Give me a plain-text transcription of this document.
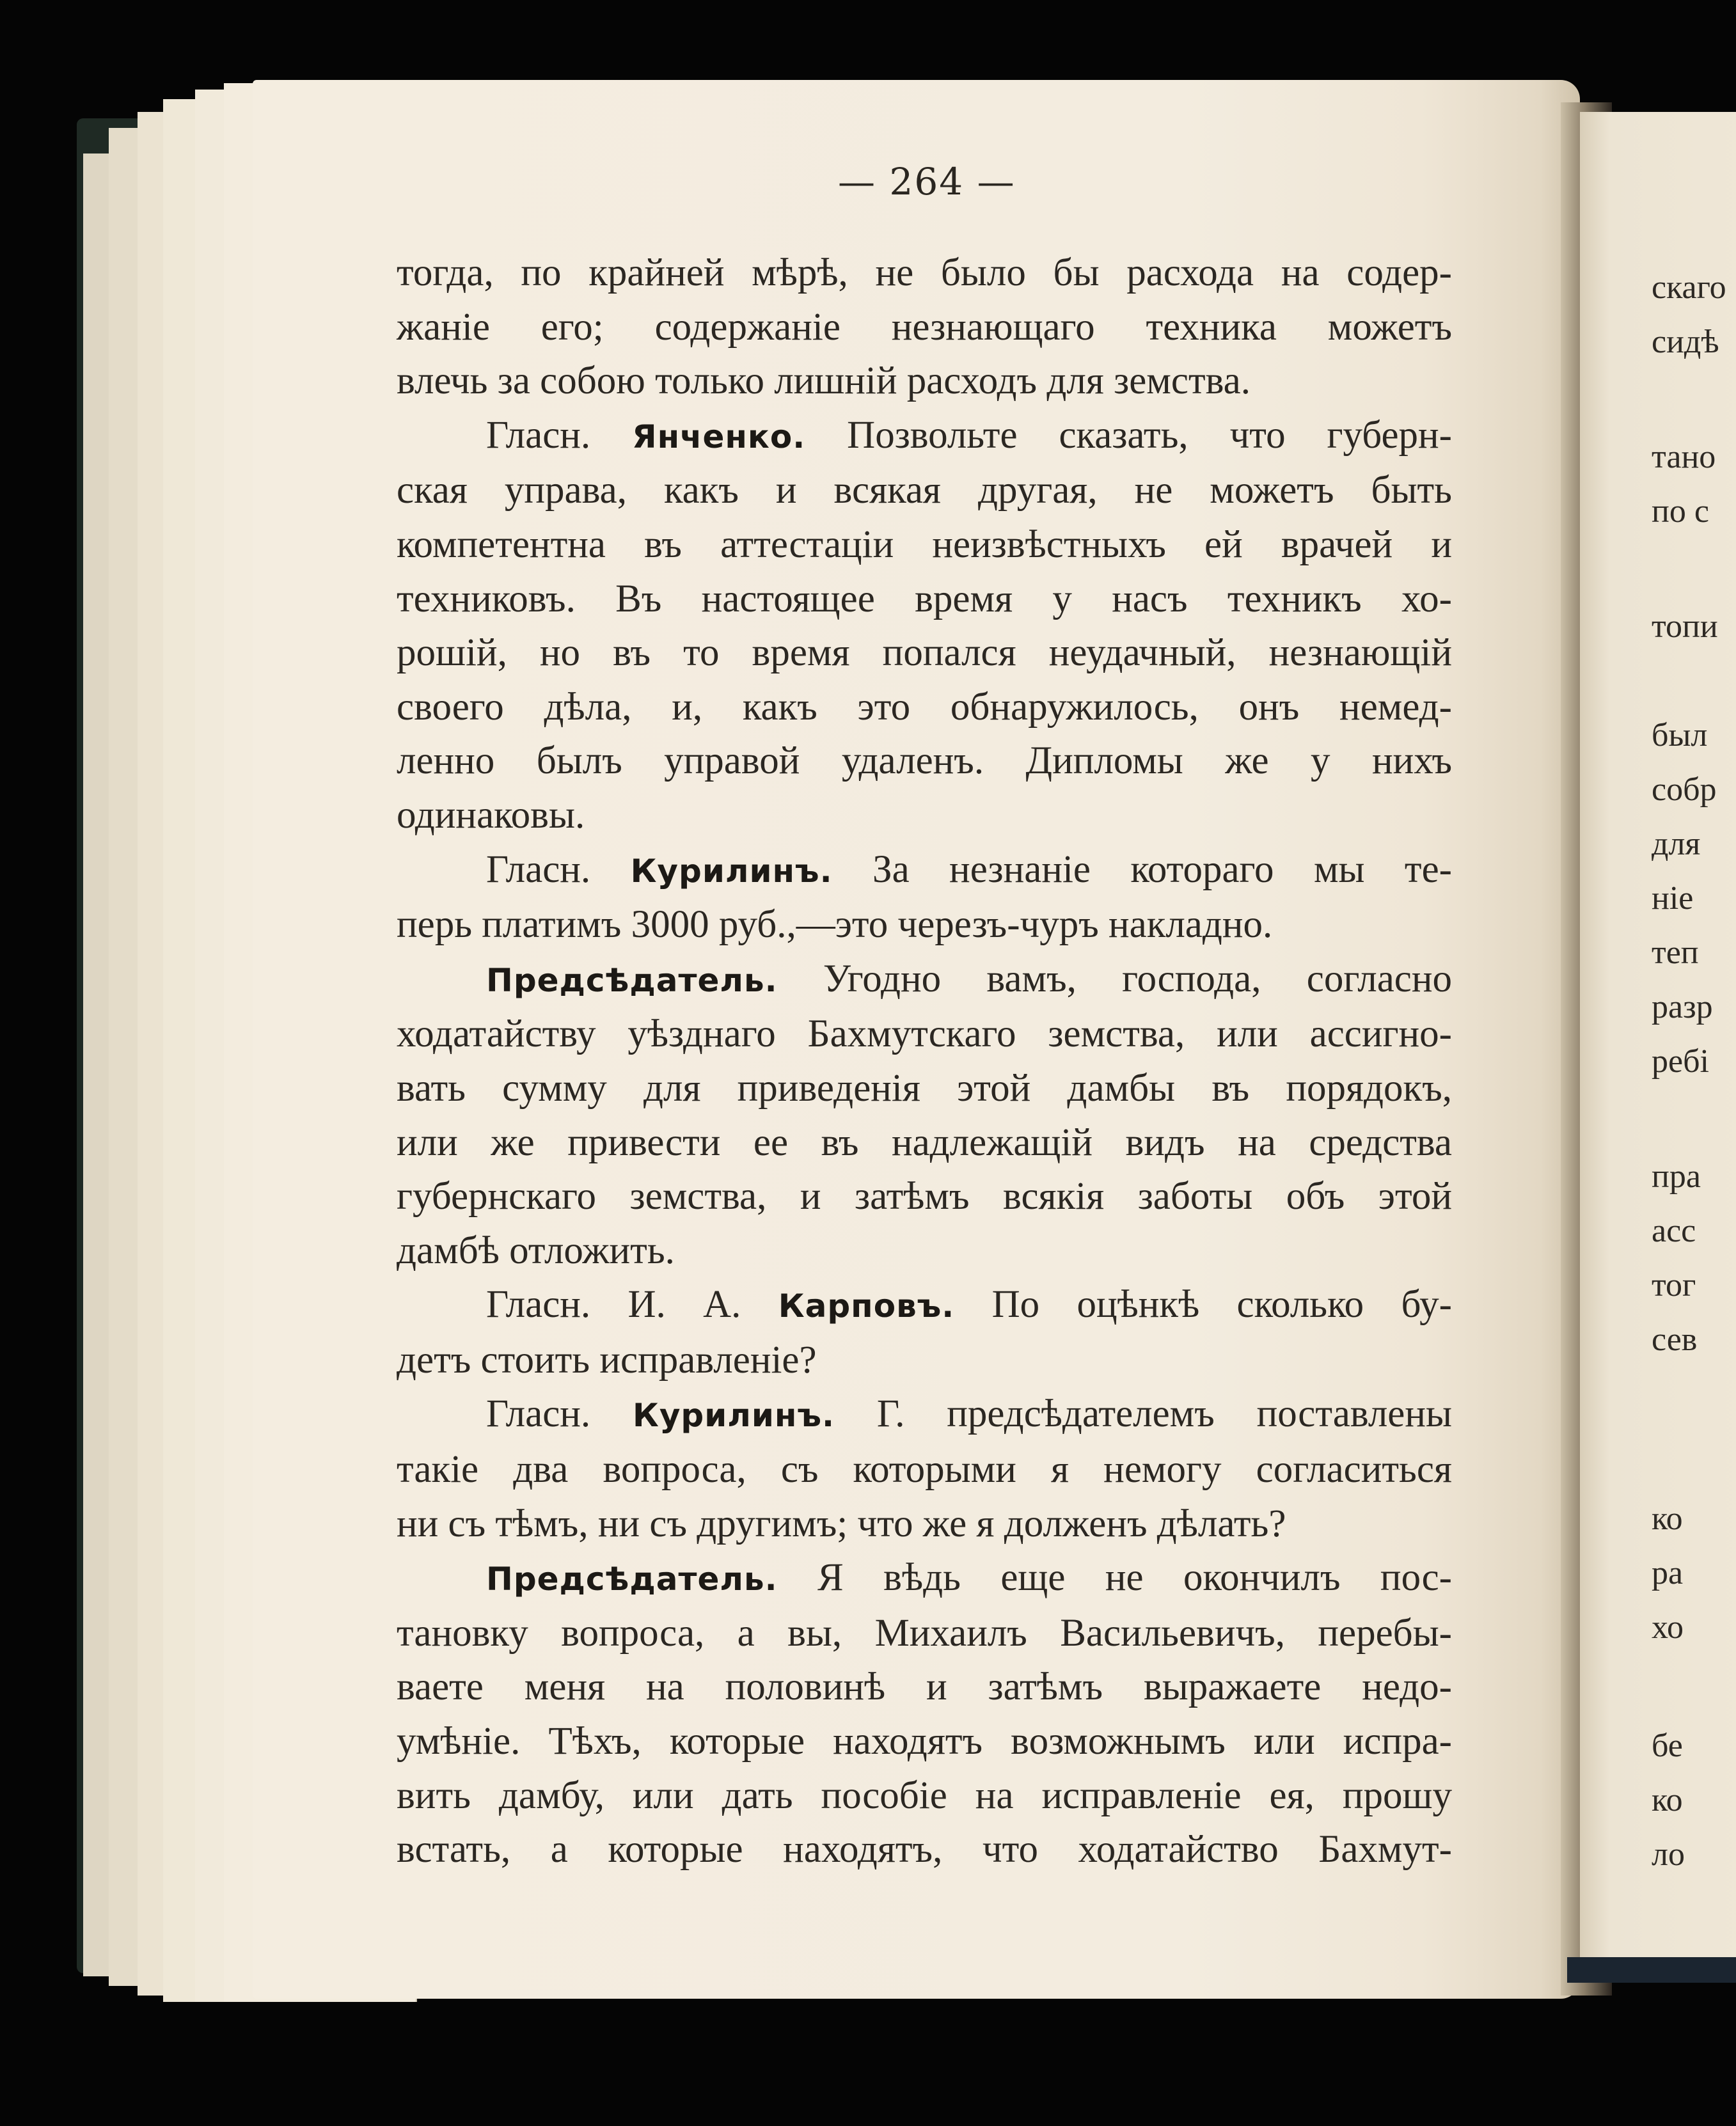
— 264 —
тогда, по крайней мѣрѣ, не было бы расхода на содер-
жаніе его; содержаніе незнающаго техника можетъ
влечь за собою только лишній расходъ для земства.
Гласн. Янченко. Позвольте сказать, что губерн-
ская управа, какъ и всякая другая, не можетъ быть
компетентна въ аттестаціи неизвѣстныхъ ей врачей и
техниковъ. Въ настоящее время у насъ техникъ хо-
рошій, но въ то время попался неудачный, незнающій
своего дѣла, и, какъ это обнаружилось, онъ немед-
ленно былъ управой удаленъ. Дипломы же у нихъ
одинаковы.
Гласн. Курилинъ. За незнаніе котораго мы те-
перь платимъ 3000 руб.,—это черезъ-чуръ накладно.
Предсѣдатель. Угодно вамъ, господа, согласно
ходатайству уѣзднаго Бахмутскаго земства, или ассигно-
вать сумму для приведенія этой дамбы въ порядокъ,
или же привести ее въ надлежащій видъ на средства
губернскаго земства, и затѣмъ всякія заботы объ этой
дамбѣ отложить.
Гласн. И. А. Карповъ. По оцѣнкѣ сколько бу-
детъ стоить исправленіе?
Гласн. Курилинъ. Г. предсѣдателемъ поставлены
такіе два вопроса, съ которыми я немогу согласиться
ни съ тѣмъ, ни съ другимъ; что же я долженъ дѣлать?
Предсѣдатель. Я вѣдь еще не окончилъ пос-
тановку вопроса, а вы, Михаилъ Васильевичъ, перебы-
ваете меня на половинѣ и затѣмъ выражаете недо-
умѣніе. Тѣхъ, которые находятъ возможнымъ или испра-
вить дамбу, или дать пособіе на исправленіе ея, прошу
встать, а которые находятъ, что ходатайство Бахмут-
скаго
сидѣ
тано
по с
топи
был
собр
для
ніе
теп
разр
ребі
пра
асс
тог
сев
ко
ра
хо
бе
ко
ло
